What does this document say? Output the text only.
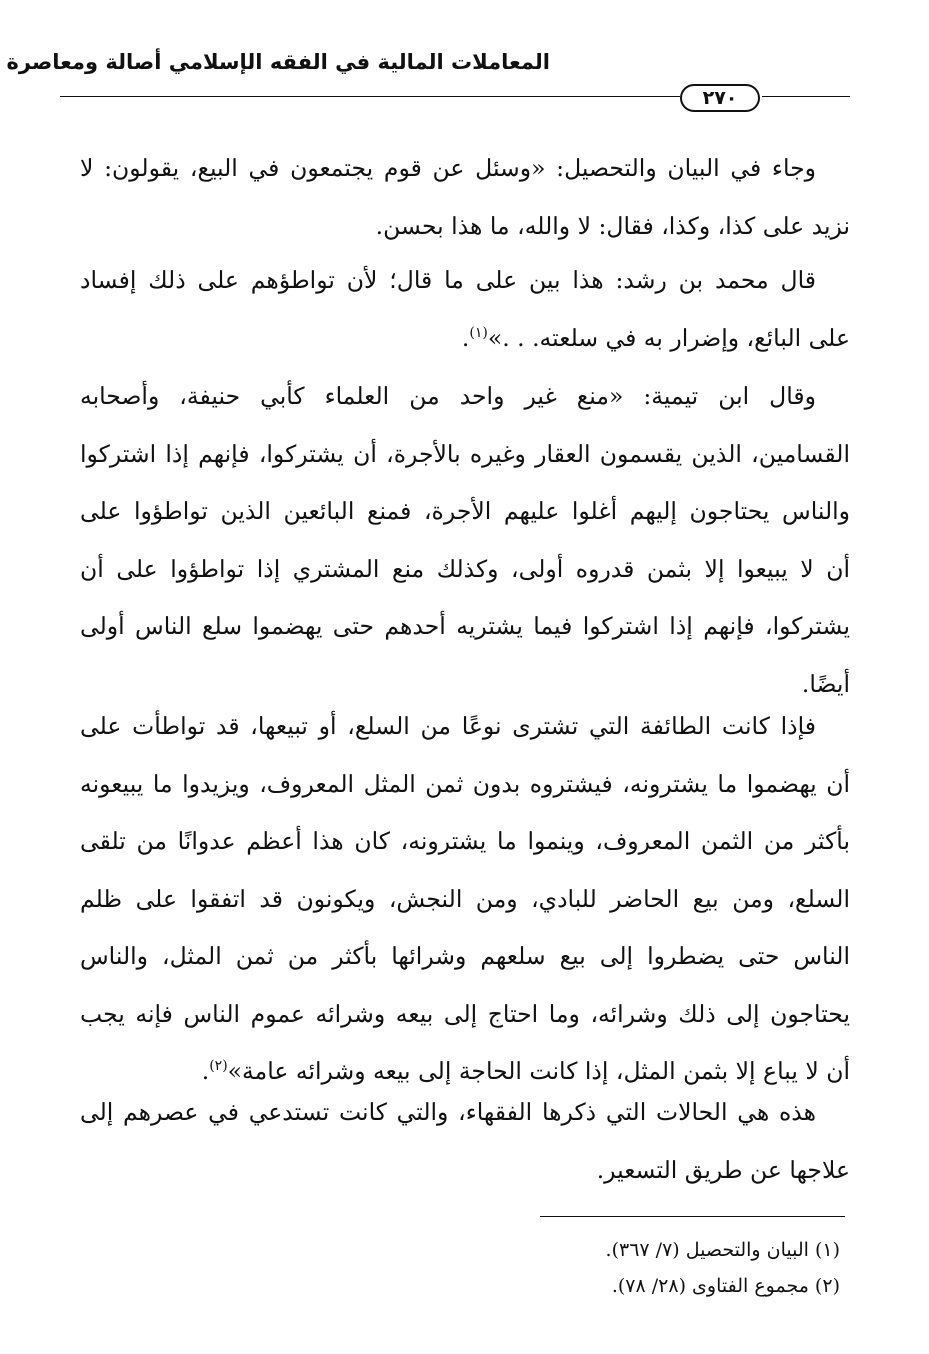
المعاملات المالية في الفقه الإسلامي أصالة ومعاصرة
٢٧٠
وجاء في البيان والتحصيل: «وسئل عن قوم يجتمعون في البيع، يقولون: لا
نزيد على كذا، وكذا، فقال: لا والله، ما هذا بحسن.
قال محمد بن رشد: هذا بين على ما قال؛ لأن تواطؤهم على ذلك إفساد
على البائع، وإضرار به في سلعته. . .»$^{(١)}$.
وقال ابن تيمية: «منع غير واحد من العلماء كأبي حنيفة، وأصحابه
القسامين، الذين يقسمون العقار وغيره بالأجرة، أن يشتركوا، فإنهم إذا اشتركوا
والناس يحتاجون إليهم أغلوا عليهم الأجرة، فمنع البائعين الذين تواطؤوا على
أن لا يبيعوا إلا بثمن قدروه أولى، وكذلك منع المشتري إذا تواطؤوا على أن
يشتركوا، فإنهم إذا اشتركوا فيما يشتريه أحدهم حتى يهضموا سلع الناس أولى
أيضًا.
فإذا كانت الطائفة التي تشترى نوعًا من السلع، أو تبيعها، قد تواطأت على
أن يهضموا ما يشترونه، فيشتروه بدون ثمن المثل المعروف، ويزيدوا ما يبيعونه
بأكثر من الثمن المعروف، وينموا ما يشترونه، كان هذا أعظم عدوانًا من تلقى
السلع، ومن بيع الحاضر للبادي، ومن النجش، ويكونون قد اتفقوا على ظلم
الناس حتى يضطروا إلى بيع سلعهم وشرائها بأكثر من ثمن المثل، والناس
يحتاجون إلى ذلك وشرائه، وما احتاج إلى بيعه وشرائه عموم الناس فإنه يجب
أن لا يباع إلا بثمن المثل، إذا كانت الحاجة إلى بيعه وشرائه عامة»$^{(٢)}$.
هذه هي الحالات التي ذكرها الفقهاء، والتي كانت تستدعي في عصرهم إلى
علاجها عن طريق التسعير.
(١) البيان والتحصيل (٧/ ٣٦٧).
(٢) مجموع الفتاوى (٢٨/ ٧٨).
